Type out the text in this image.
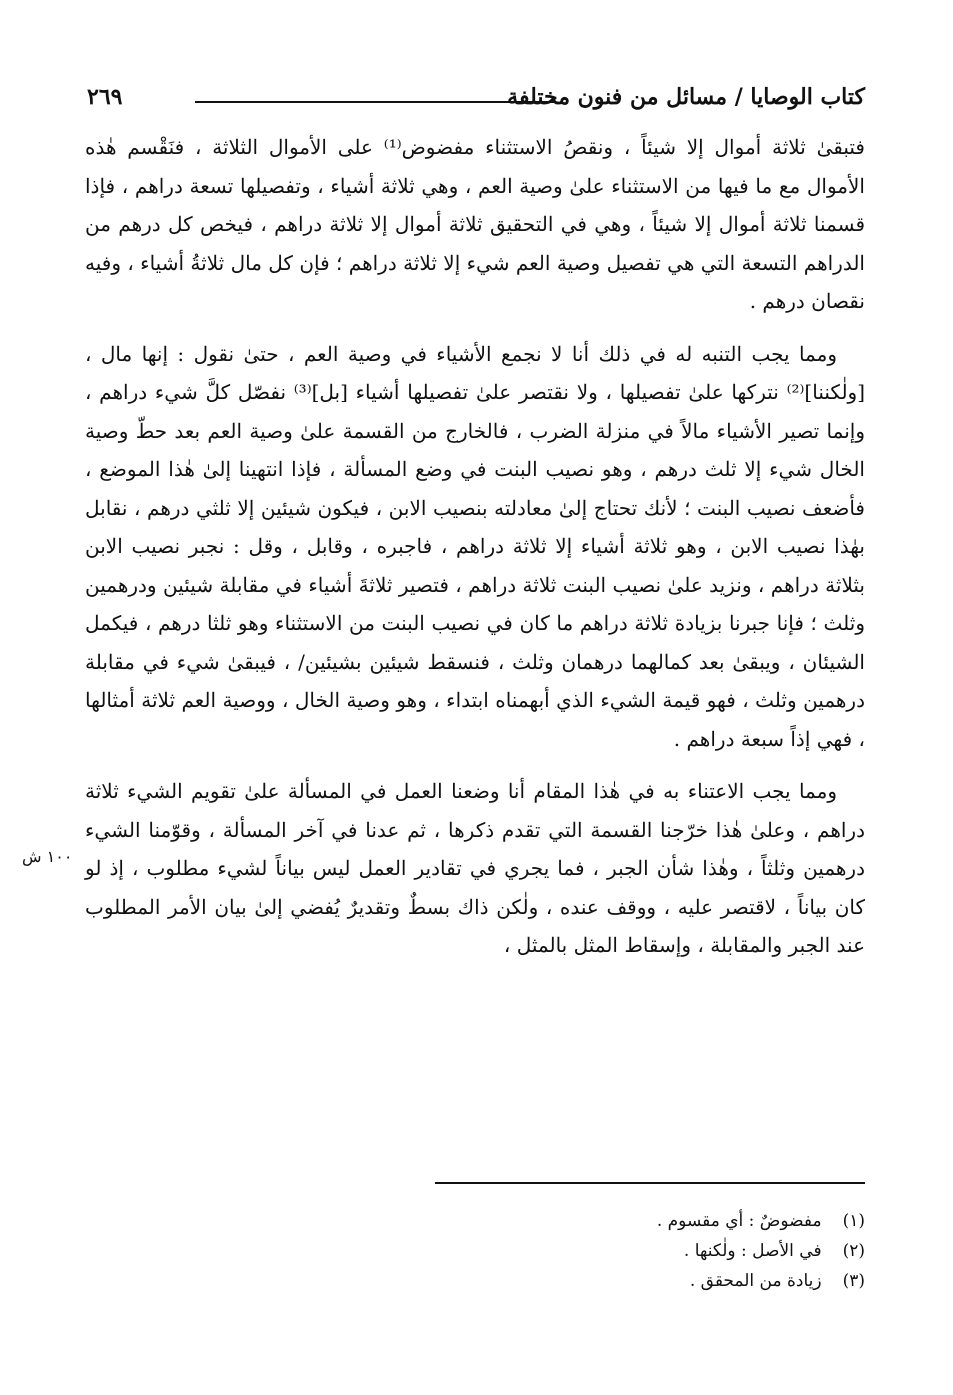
كتاب الوصايا / مسائل من فنون مختلفة
٢٦٩

فتبقىٰ ثلاثة أموال إلا شيئاً ، ونقصُ الاستثناء مفضوض⁽¹⁾ على الأموال الثلاثة ، فنَقْسم هٰذه الأموال مع ما فيها من الاستثناء علىٰ وصية العم ، وهي ثلاثة أشياء ، وتفصيلها تسعة دراهم ، فإذا قسمنا ثلاثة أموال إلا شيئاً ، وهي في التحقيق ثلاثة أموال إلا ثلاثة دراهم ، فيخص كل درهم من الدراهم التسعة التي هي تفصيل وصية العم شيء إلا ثلاثة دراهم ؛ فإن كل مال ثلاثةُ أشياء ، وفيه نقصان درهم .

ومما يجب التنبه له في ذلك أنا لا نجمع الأشياء في وصية العم ، حتىٰ نقول : إنها مال ، [ولٰكننا]⁽²⁾ نتركها علىٰ تفصيلها ، ولا نقتصر علىٰ تفصيلها أشياء [بل]⁽³⁾ نفصّل كلَّ شيء دراهم ، وإنما تصير الأشياء مالاً في منزلة الضرب ، فالخارج من القسمة علىٰ وصية العم بعد حطّ وصية الخال شيء إلا ثلث درهم ، وهو نصيب البنت في وضع المسألة ، فإذا انتهينا إلىٰ هٰذا الموضع ، فأضعف نصيب البنت ؛ لأنك تحتاج إلىٰ معادلته بنصيب الابن ، فيكون شيئين إلا ثلثي درهم ، نقابل بهٰذا نصيب الابن ، وهو ثلاثة أشياء إلا ثلاثة دراهم ، فاجبره ، وقابل ، وقل : نجبر نصيب الابن بثلاثة دراهم ، ونزيد علىٰ نصيب البنت ثلاثة دراهم ، فتصير ثلاثةَ أشياء في مقابلة شيئين ودرهمين وثلث ؛ فإنا جبرنا بزيادة ثلاثة دراهم ما كان في نصيب البنت من الاستثناء وهو ثلثا درهم ، فيكمل الشيئان ، ويبقىٰ بعد كمالهما درهمان وثلث ، فنسقط شيئين بشيئين/ ، فيبقىٰ شيء في مقابلة درهمين وثلث ، فهو قيمة الشيء الذي أبهمناه ابتداء ، وهو وصية الخال ، ووصية العم ثلاثة أمثالها ، فهي إذاً سبعة دراهم .

ومما يجب الاعتناء به في هٰذا المقام أنا وضعنا العمل في المسألة علىٰ تقويم الشيء ثلاثة دراهم ، وعلىٰ هٰذا خرّجنا القسمة التي تقدم ذكرها ، ثم عدنا في آخر المسألة ، وقوّمنا الشيء درهمين وثلثاً ، وهٰذا شأن الجبر ، فما يجري في تقادير العمل ليس بياناً لشيء مطلوب ، إذ لو كان بياناً ، لاقتصر عليه ، ووقف عنده ، ولٰكن ذاك بسطٌ وتقديرٌ يُفضي إلىٰ بيان الأمر المطلوب عند الجبر والمقابلة ، وإسقاط المثل بالمثل ،

١٠٠ ش
(١) مفضوضٌ : أي مقسوم .
(٢) في الأصل : ولٰكنها .
(٣) زيادة من المحقق .
